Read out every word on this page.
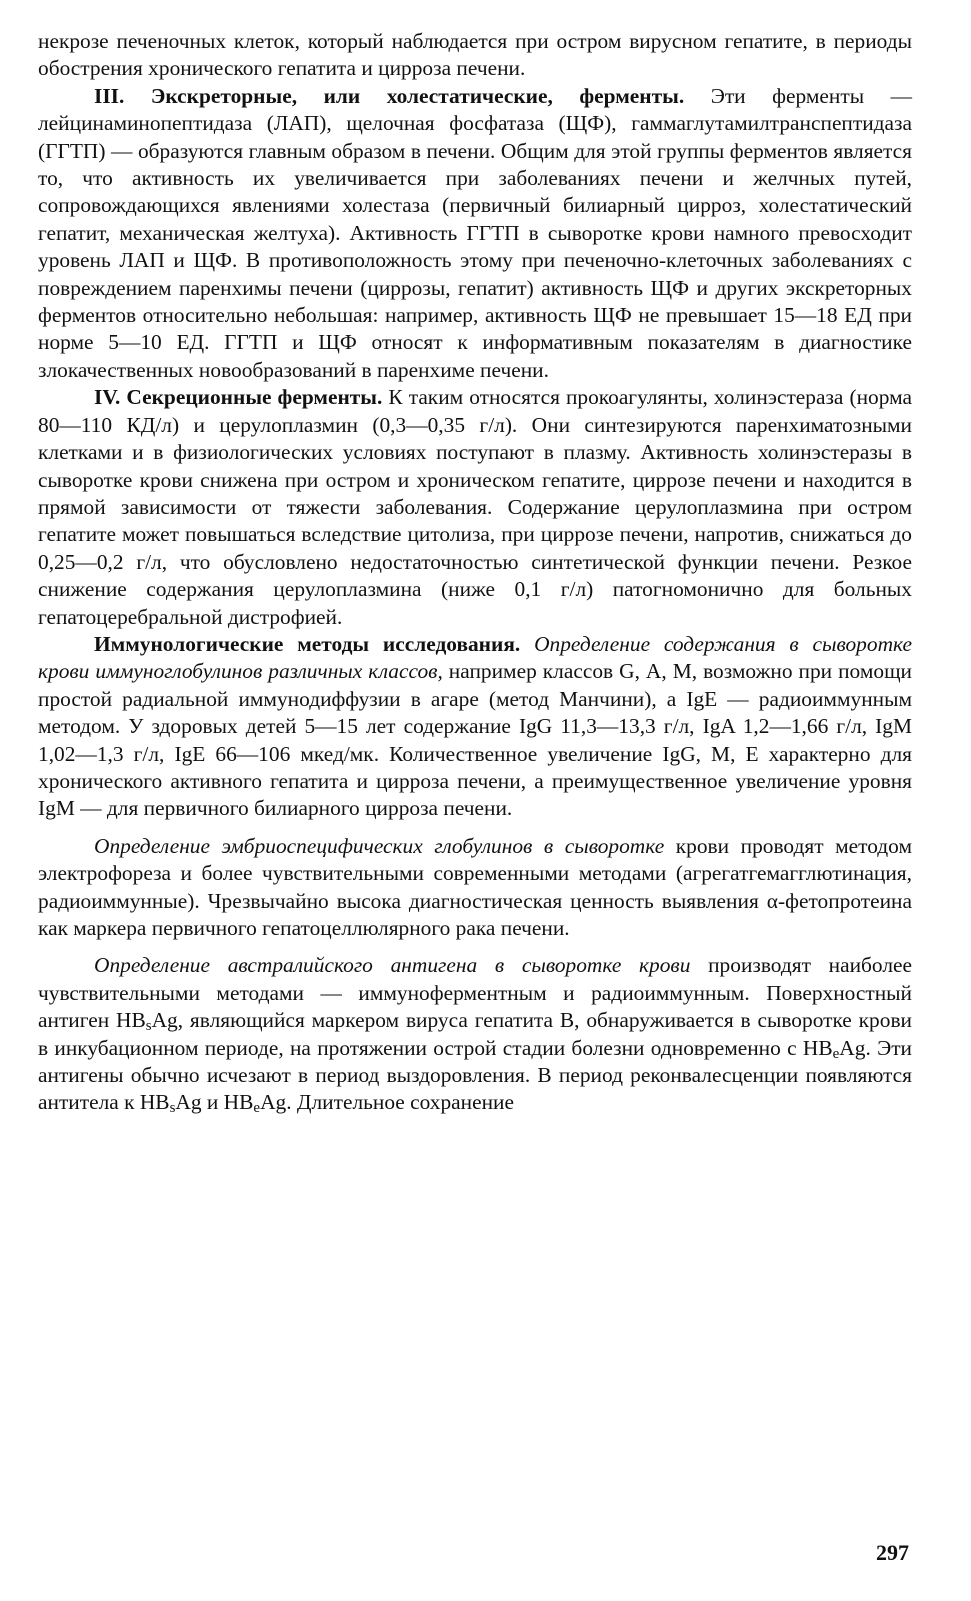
некрозе печеночных клеток, который наблюдается при остром вирусном гепатите, в периоды обострения хронического гепатита и цирроза печени.

III. Экскреторные, или холестатические, ферменты. Эти ферменты — лейцинаминопептидаза (ЛАП), щелочная фосфатаза (ЩФ), гаммаглутамилтранспептидаза (ГГТП) — образуются главным образом в печени. Общим для этой группы ферментов является то, что активность их увеличивается при заболеваниях печени и желчных путей, сопровождающихся явлениями холестаза (первичный билиарный цирроз, холестатический гепатит, механическая желтуха). Активность ГГТП в сыворотке крови намного превосходит уровень ЛАП и ЩФ. В противоположность этому при печеночно-клеточных заболеваниях с повреждением паренхимы печени (циррозы, гепатит) активность ЩФ и других экскреторных ферментов относительно небольшая: например, активность ЩФ не превышает 15—18 ЕД при норме 5—10 ЕД. ГГТП и ЩФ относят к информативным показателям в диагностике злокачественных новообразований в паренхиме печени.

IV. Секреционные ферменты. К таким относятся прокоагулянты, холинэстераза (норма 80—110 КД/л) и церулоплазмин (0,3—0,35 г/л). Они синтезируются паренхиматозными клетками и в физиологических условиях поступают в плазму. Активность холинэстеразы в сыворотке крови снижена при остром и хроническом гепатите, циррозе печени и находится в прямой зависимости от тяжести заболевания. Содержание церулоплазмина при остром гепатите может повышаться вследствие цитолиза, при циррозе печени, напротив, снижаться до 0,25—0,2 г/л, что обусловлено недостаточностью синтетической функции печени. Резкое снижение содержания церулоплазмина (ниже 0,1 г/л) патогномонично для больных гепатоцеребральной дистрофией.

Иммунологические методы исследования. Определение содержания в сыворотке крови иммуноглобулинов различных классов, например классов G, А, М, возможно при помощи простой радиальной иммунодиффузии в агаре (метод Манчини), а IgE — радиоиммунным методом. У здоровых детей 5—15 лет содержание IgG 11,3—13,3 г/л, IgA 1,2—1,66 г/л, IgM 1,02—1,3 г/л, IgE 66—106 мкед/мк. Количественное увеличение IgG, М, Е характерно для хронического активного гепатита и цирроза печени, а преимущественное увеличение уровня IgM — для первичного билиарного цирроза печени.

Определение эмбриоспецифических глобулинов в сыворотке крови проводят методом электрофореза и более чувствительными современными методами (агрегатгемагглютинация, радиоиммунные). Чрезвычайно высока диагностическая ценность выявления α-фетопротеина как маркера первичного гепатоцеллюлярного рака печени.

Определение австралийского антигена в сыворотке крови производят наиболее чувствительными методами — иммуноферментным и радиоиммунным. Поверхностный антиген $HB_sAg$, являющийся маркером вируса гепатита В, обнаруживается в сыворотке крови в инкубационном периоде, на протяжении острой стадии болезни одновременно с $HB_eAg$. Эти антигены обычно исчезают в период выздоровления. В период реконвалесценции появляются антитела к $HB_sAg$ и $HB_eAg$. Длительное сохранение

297
